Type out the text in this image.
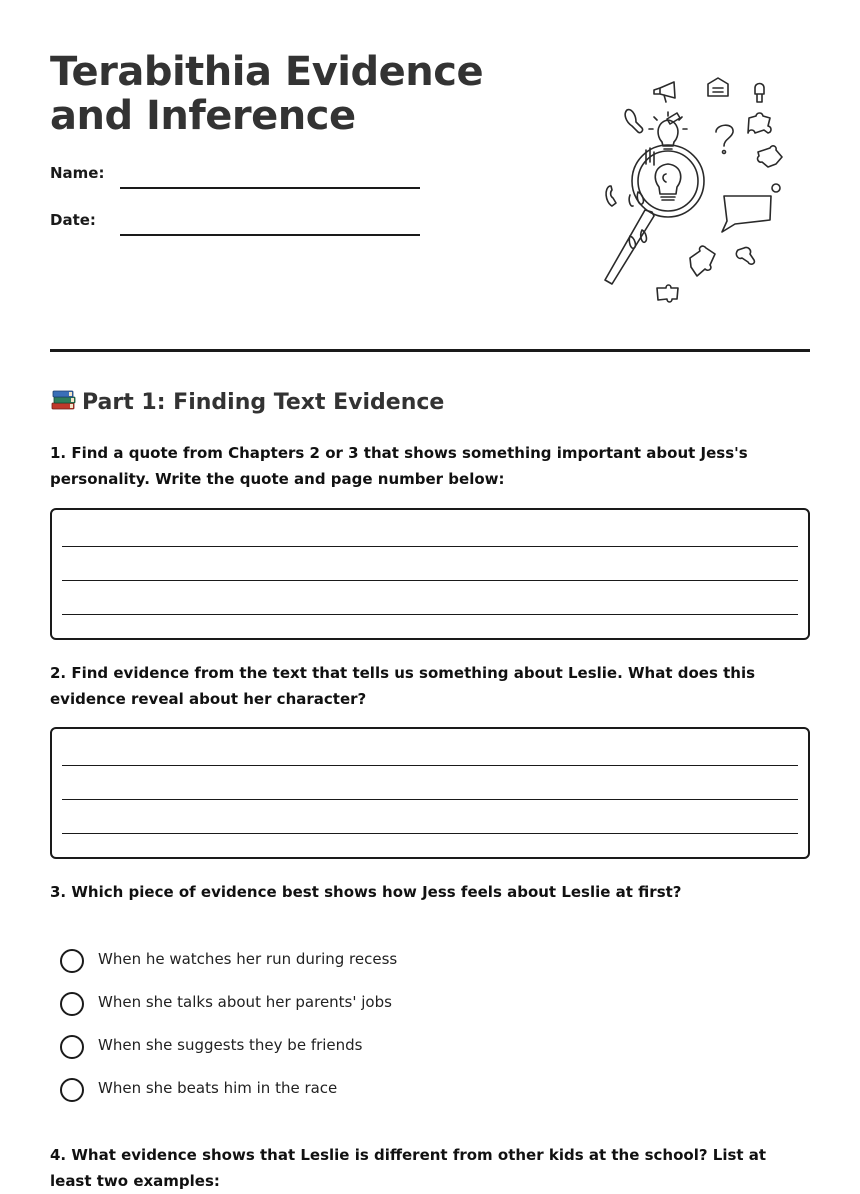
Terabithia Evidence and Inference
Name:
Date:
Part 1: Finding Text Evidence

1. Find a quote from Chapters 2 or 3 that shows something important about Jess's personality. Write the quote and page number below:

2. Find evidence from the text that tells us something about Leslie. What does this evidence reveal about her character?

3. Which piece of evidence best shows how Jess feels about Leslie at first?

When he watches her run during recess
When she talks about her parents' jobs
When she suggests they be friends
When she beats him in the race

4. What evidence shows that Leslie is different from other kids at the school? List at least two examples:
